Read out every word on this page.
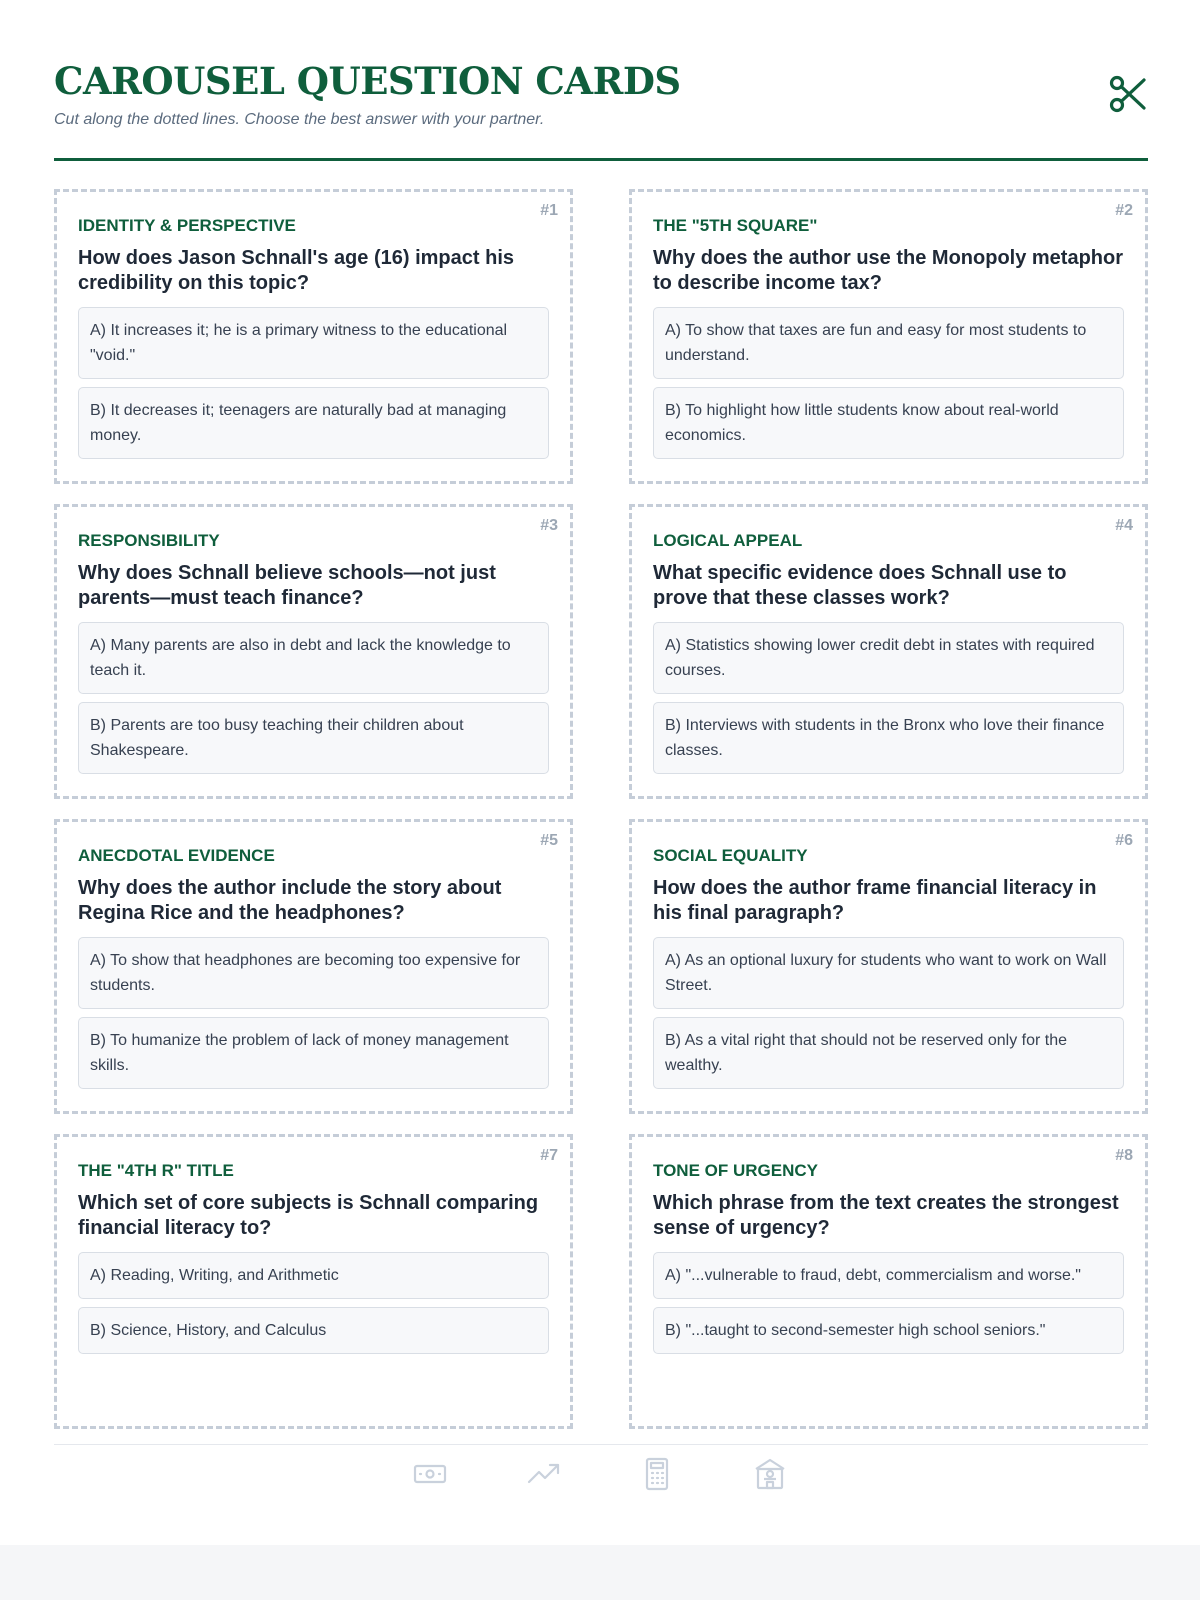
CAROUSEL QUESTION CARDS

Cut along the dotted lines. Choose the best answer with your partner.

#1
IDENTITY & PERSPECTIVE
How does Jason Schnall's age (16) impact his credibility on this topic?
A) It increases it; he is a primary witness to the educational "void."
B) It decreases it; teenagers are naturally bad at managing money.
#2
THE "5TH SQUARE"
Why does the author use the Monopoly metaphor to describe income tax?
A) To show that taxes are fun and easy for most students to understand.
B) To highlight how little students know about real-world economics.
#3
RESPONSIBILITY
Why does Schnall believe schools—not just parents—must teach finance?
A) Many parents are also in debt and lack the knowledge to teach it.
B) Parents are too busy teaching their children about Shakespeare.
#4
LOGICAL APPEAL
What specific evidence does Schnall use to prove that these classes work?
A) Statistics showing lower credit debt in states with required courses.
B) Interviews with students in the Bronx who love their finance classes.
#5
ANECDOTAL EVIDENCE
Why does the author include the story about Regina Rice and the headphones?
A) To show that headphones are becoming too expensive for students.
B) To humanize the problem of lack of money management skills.
#6
SOCIAL EQUALITY
How does the author frame financial literacy in his final paragraph?
A) As an optional luxury for students who want to work on Wall Street.
B) As a vital right that should not be reserved only for the wealthy.
#7
THE "4TH R" TITLE
Which set of core subjects is Schnall comparing financial literacy to?
A) Reading, Writing, and Arithmetic
B) Science, History, and Calculus
#8
TONE OF URGENCY
Which phrase from the text creates the strongest sense of urgency?
A) "...vulnerable to fraud, debt, commercialism and worse."
B) "...taught to second-semester high school seniors."
